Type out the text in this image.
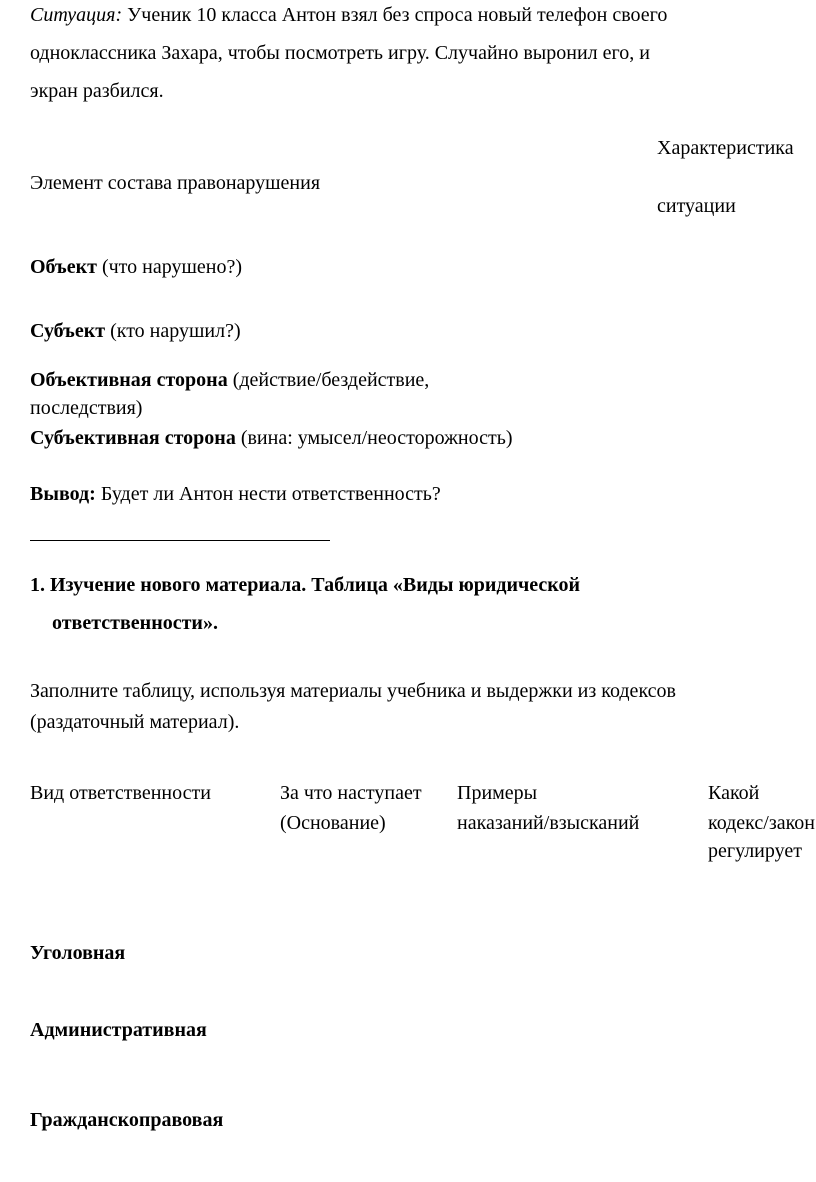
Ситуация: Ученик 10 класса Антон взял без спроса новый телефон своего
одноклассника Захара, чтобы посмотреть игру. Случайно выронил его, и
экран разбился.
Характеристика
Элемент состава правонарушения
ситуации
Объект (что нарушено?)
Субъект (кто нарушил?)
Объективная сторона (действие/бездействие,
последствия)
Субъективная сторона (вина: умысел/неосторожность)
Вывод: Будет ли Антон нести ответственность?
1. Изучение нового материала. Таблица «Виды юридической
ответственности».
Заполните таблицу, используя материалы учебника и выдержки из кодексов
(раздаточный материал).
Вид ответственности	За что наступает
(Основание)
Примеры
наказаний/взысканий
Какой
кодекс/закон
регулирует
Уголовная
Административная
Гражданскоправовая
